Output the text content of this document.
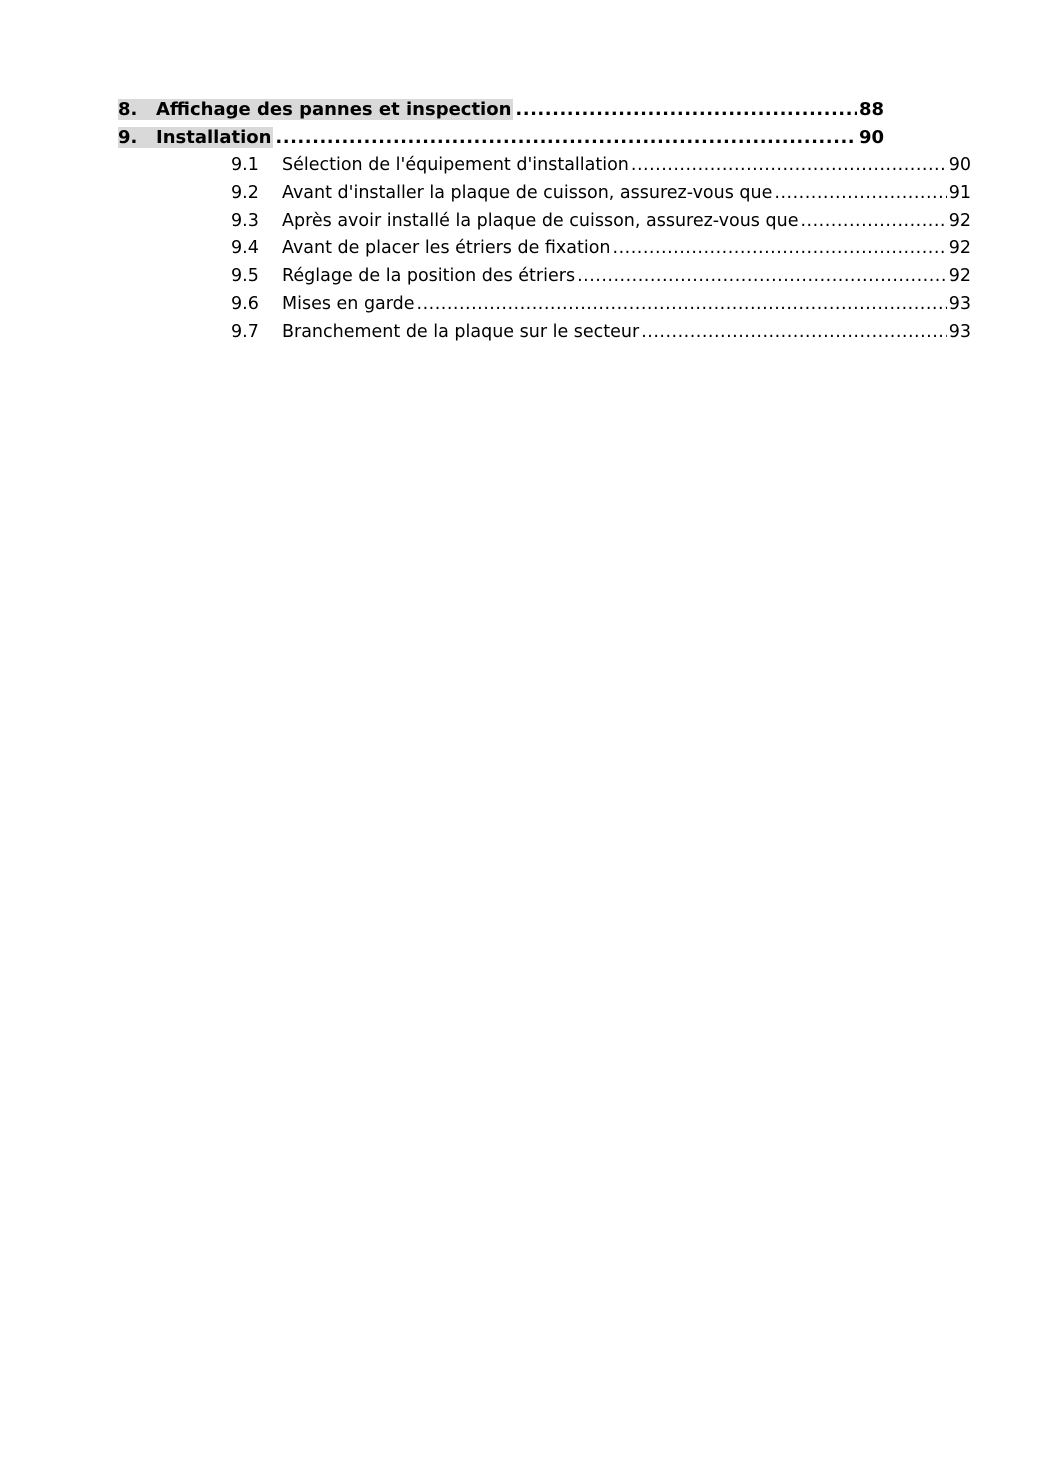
8.	Affichage des pannes et inspection .....	88
9.	Installation .....	90
9.1	Sélection de l'équipement d'installation .....	90
9.2	Avant d'installer la plaque de cuisson, assurez-vous que .....	91
9.3	Après avoir installé la plaque de cuisson, assurez-vous que .....	92
9.4	Avant de placer les étriers de fixation .....	92
9.5	Réglage de la position des étriers .....	92
9.6	Mises en garde .....	93
9.7	Branchement de la plaque sur le secteur .....	93
